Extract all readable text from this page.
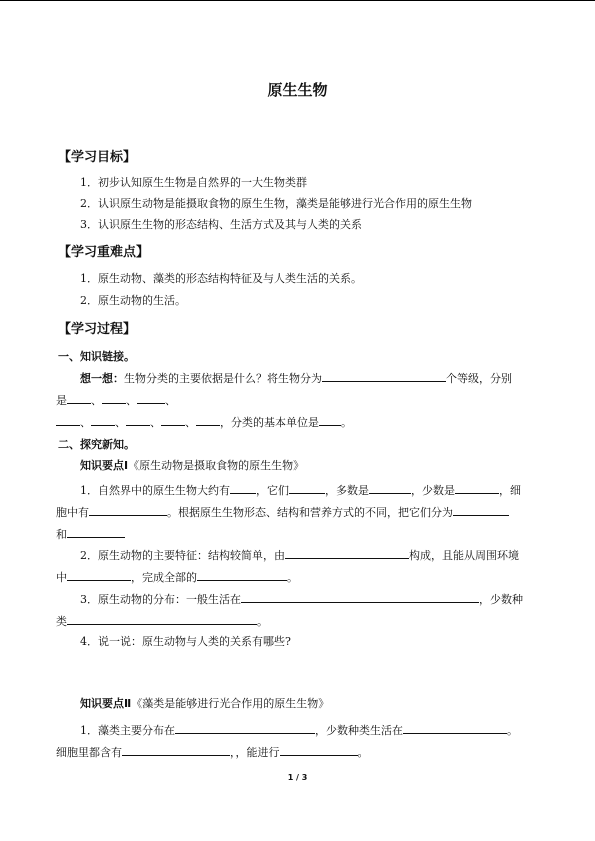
原生生物
【学习目标】
1．初步认知原生生物是自然界的一大生物类群
2．认识原生动物是能摄取食物的原生生物，藻类是能够进行光合作用的原生生物
3．认识原生生物的形态结构、生活方式及其与人类的关系
【学习重难点】
1．原生动物、藻类的形态结构特征及与人类生活的关系。
2．原生动物的生活。
【学习过程】
一、知识链接。
想一想：生物分类的主要依据是什么？将生物分为	个等级，分别
是 、 、	、
、 、 、 、 ，分类的基本单位是 。
二、探究新知。
知识要点Ⅰ《原生动物是摄取食物的原生生物》
1．自然界中的原生生物大约有 ，它们	，多数是	，少数是	，细
胞中有	。根据原生生物形态、结构和营养方式的不同，把它们分为
和
2．原生动物的主要特征：结构较简单，由	构成，且能从周围环境
中	，完成全部的	。
3．原生动物的分布：一般生活在	，少数种
类	。
4．说一说：原生动物与人类的关系有哪些?
知识要点Ⅱ《藻类是能够进行光合作用的原生生物》
1．藻类主要分布在	，少数种类生活在	。
细胞里都含有	，，能进行	。
1 / 3
